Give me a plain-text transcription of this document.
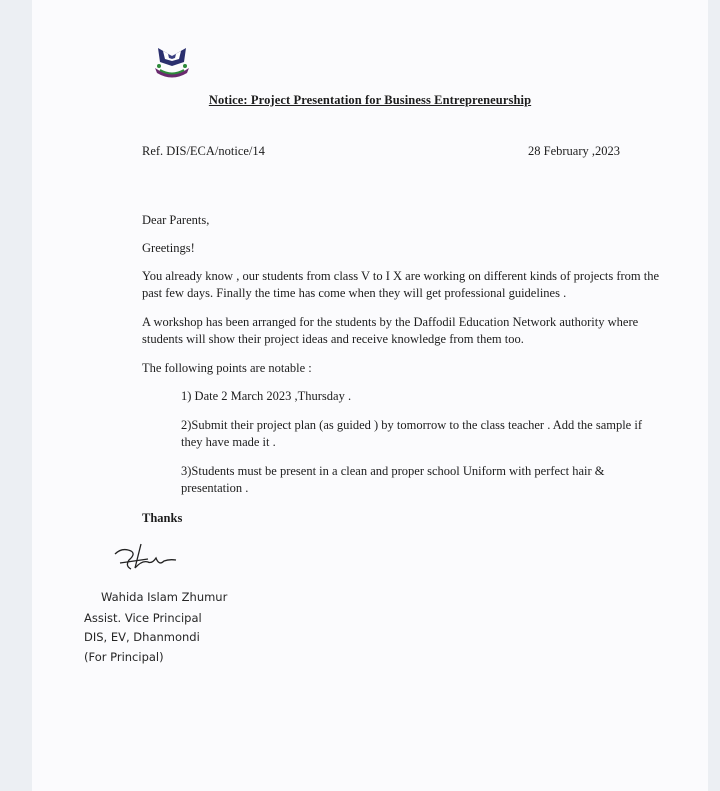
Notice: Project Presentation for Business Entrepreneurship
Ref. DIS/ECA/notice/14	28 February ,2023
Dear Parents,
Greetings!
You already know , our students from class V to I X are working on different kinds of projects from the past few days. Finally the time has come when they will get professional guidelines .
A workshop has been arranged for the students by the Daffodil Education Network authority where students will show their project ideas and receive knowledge from them too.
The following points are notable :
1) Date 2 March 2023 ,Thursday .
2)Submit their project plan (as guided ) by tomorrow to the class teacher . Add the sample if they have made it .
3)Students must be present in a clean and proper school Uniform with perfect hair & presentation .
Thanks
Wahida Islam Zhumur
Assist. Vice Principal
DIS, EV, Dhanmondi
(For Principal)
